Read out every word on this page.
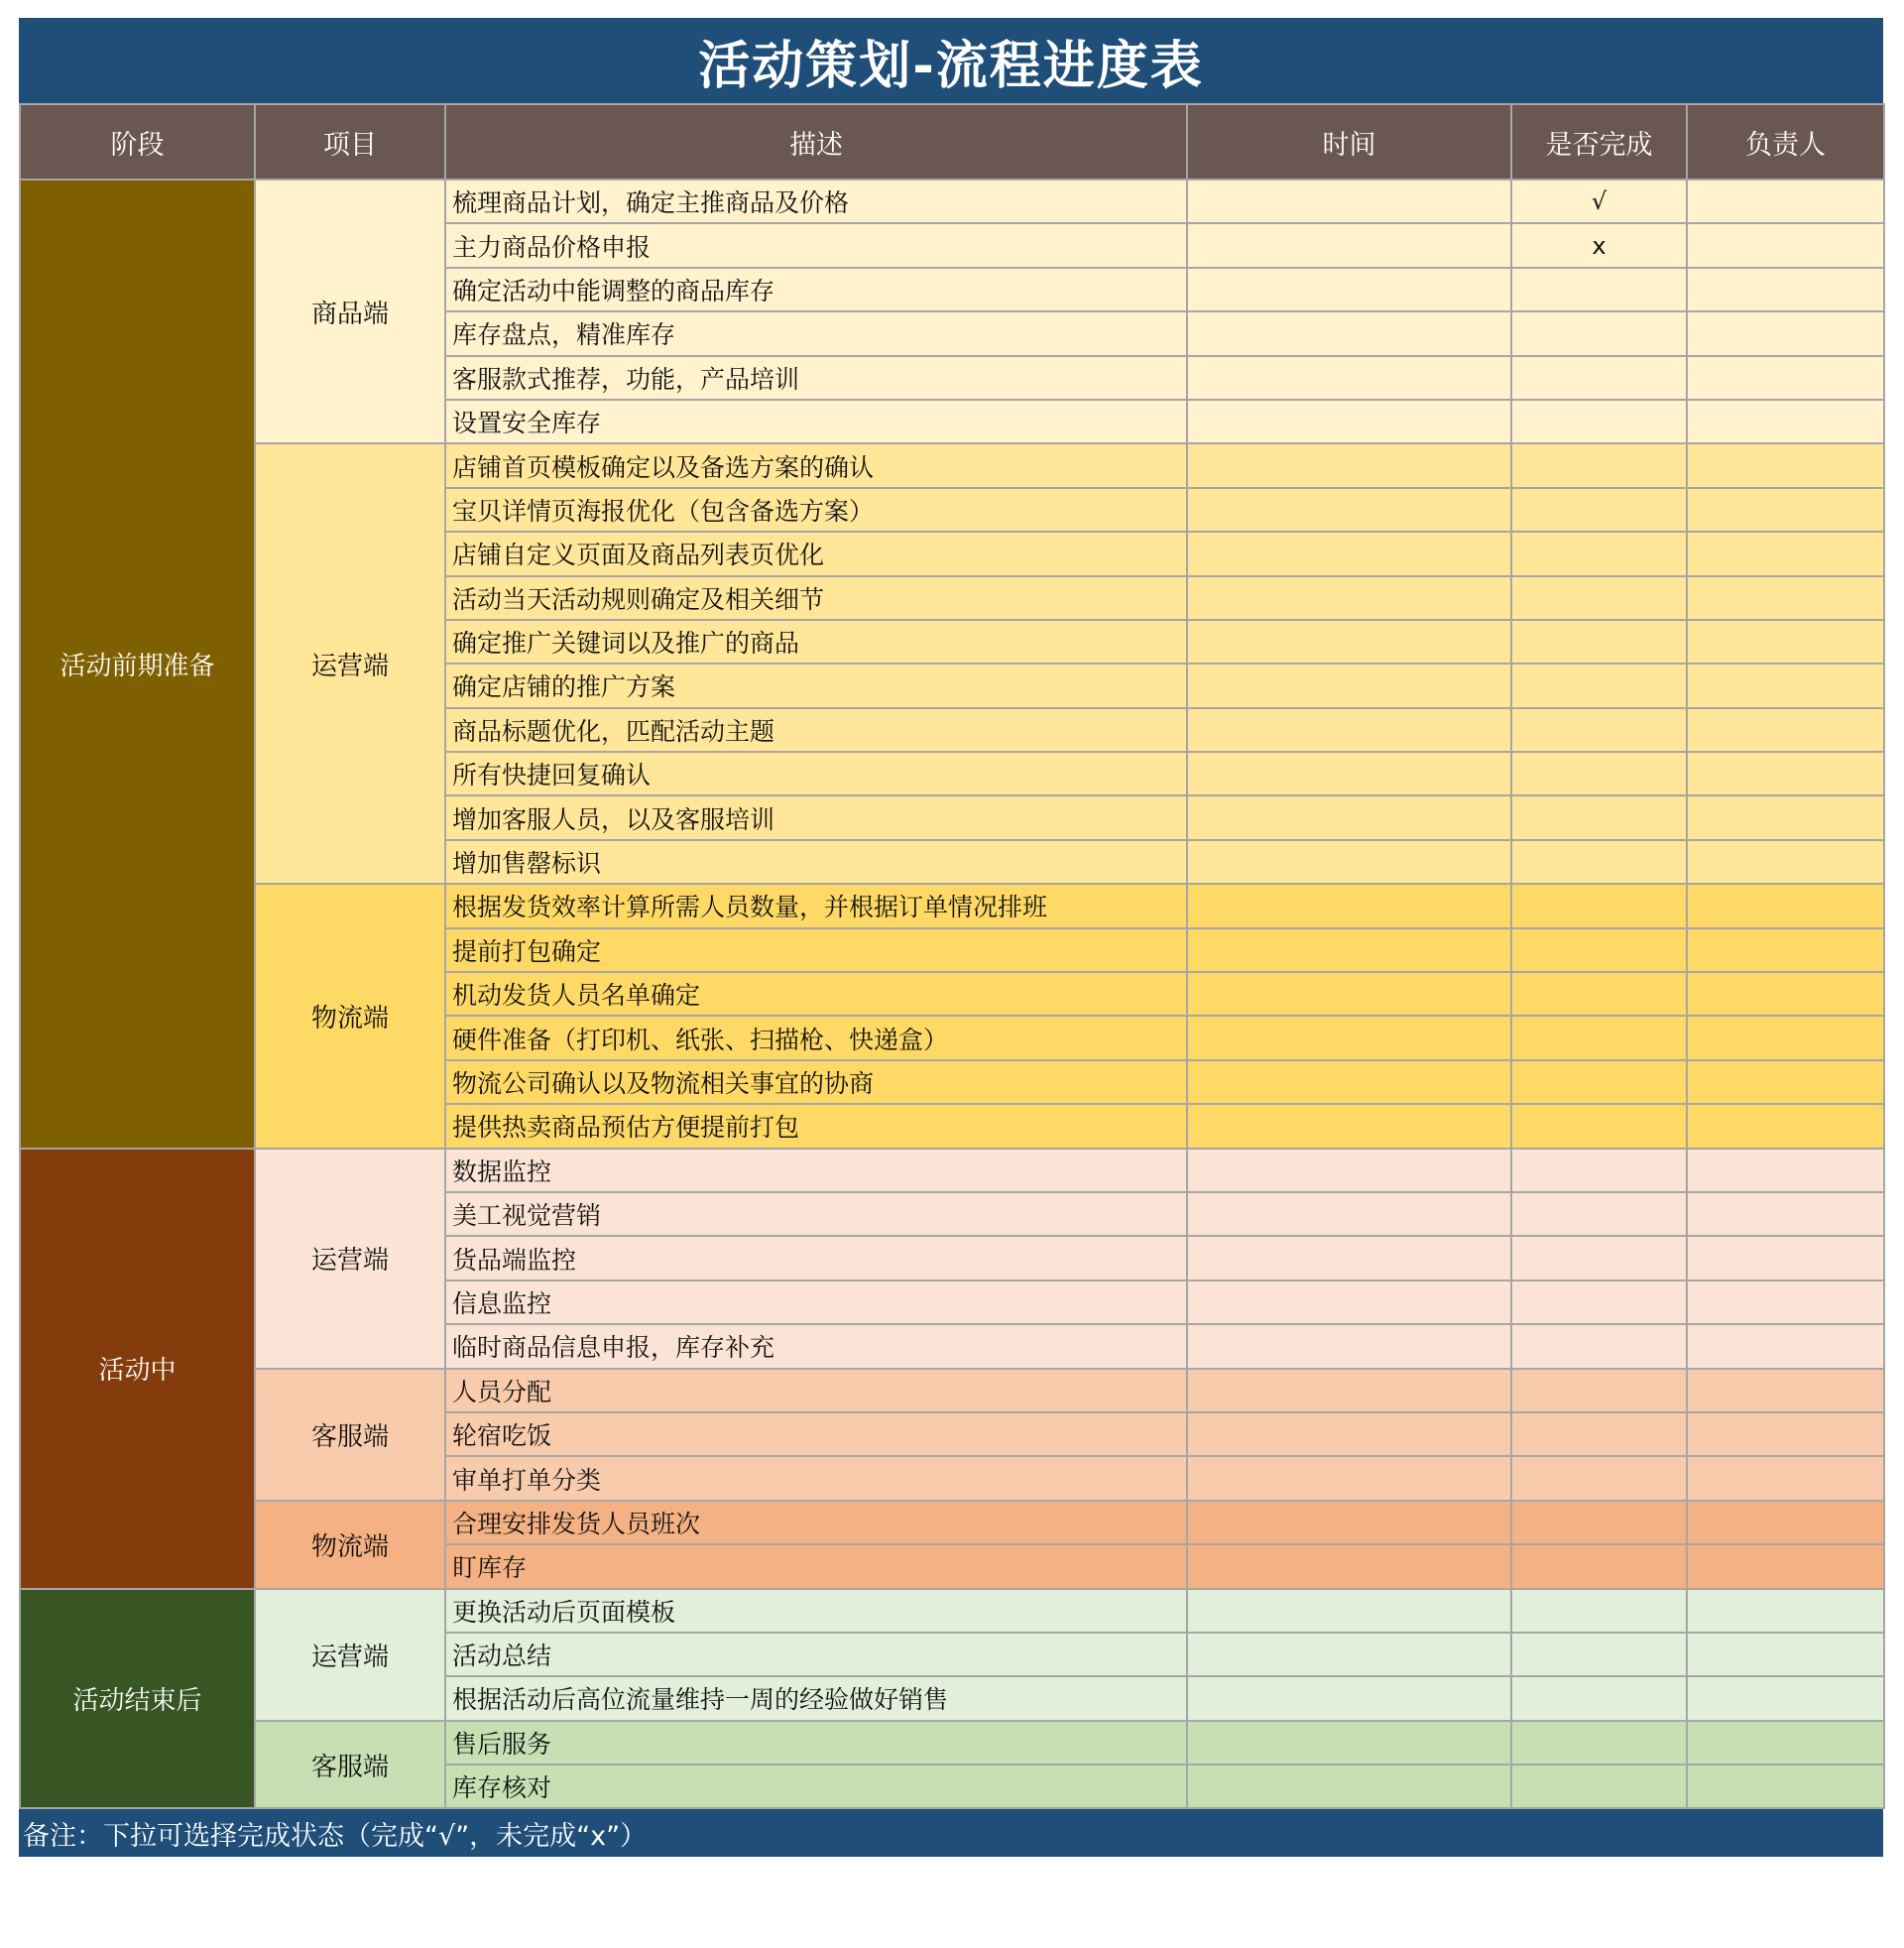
活动策划-流程进度表
阶段	项目	描述	时间	是否完成	负责人
活动前期准备	商品端	梳理商品计划，确定主推商品及价格		√	
		主力商品价格申报		x	
		确定活动中能调整的商品库存			
		库存盘点，精准库存			
		客服款式推荐，功能，产品培训			
		设置安全库存			
	运营端	店铺首页模板确定以及备选方案的确认			
		宝贝详情页海报优化（包含备选方案）			
		店铺自定义页面及商品列表页优化			
		活动当天活动规则确定及相关细节			
		确定推广关键词以及推广的商品			
		确定店铺的推广方案			
		商品标题优化，匹配活动主题			
		所有快捷回复确认			
		增加客服人员，以及客服培训			
		增加售罄标识			
	物流端	根据发货效率计算所需人员数量，并根据订单情况排班			
		提前打包确定			
		机动发货人员名单确定			
		硬件准备（打印机、纸张、扫描枪、快递盒）			
		物流公司确认以及物流相关事宜的协商			
		提供热卖商品预估方便提前打包			
活动中	运营端	数据监控			
		美工视觉营销			
		货品端监控			
		信息监控			
		临时商品信息申报，库存补充			
	客服端	人员分配			
		轮宿吃饭			
		审单打单分类			
	物流端	合理安排发货人员班次			
		盯库存			
活动结束后	运营端	更换活动后页面模板			
		活动总结			
		根据活动后高位流量维持一周的经验做好销售			
	客服端	售后服务			
		库存核对			
备注：下拉可选择完成状态（完成“√”，未完成“x”）
